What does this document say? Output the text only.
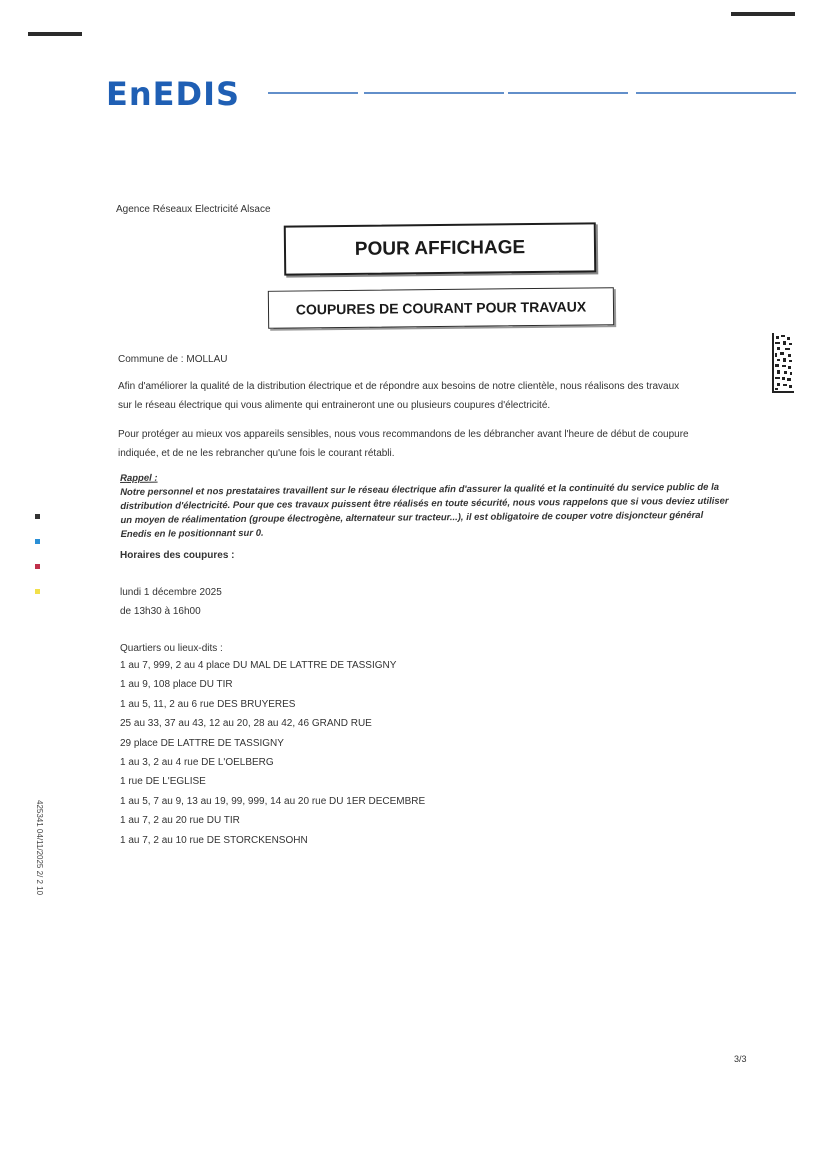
EnEDIS

Agence Réseaux Electricité Alsace
POUR AFFICHAGE
COUPURES DE COURANT POUR TRAVAUX
Commune de : MOLLAU
Afin d'améliorer la qualité de la distribution électrique et de répondre aux besoins de notre clientèle, nous réalisons des travaux
sur le réseau électrique qui vous alimente qui entraineront une ou plusieurs coupures d'électricité.
Pour protéger au mieux vos appareils sensibles, nous vous recommandons de les débrancher avant l'heure de début de coupure
indiquée, et de ne les rebrancher qu'une fois le courant rétabli.
Rappel :
Notre personnel et nos prestataires travaillent sur le réseau électrique afin d'assurer la qualité et la continuité du service public de la distribution d'électricité. Pour que ces travaux puissent être réalisés en toute sécurité, nous vous rappelons que si vous deviez utiliser un moyen de réalimentation (groupe électrogène, alternateur sur tracteur...), il est obligatoire de couper votre disjoncteur général Enedis en le positionnant sur 0.
Horaires des coupures :
lundi 1 décembre 2025
de 13h30 à 16h00
Quartiers ou lieux-dits :
1 au 7, 999, 2 au 4 place DU MAL DE LATTRE DE TASSIGNY
1 au 9, 108 place DU TIR
1 au 5, 11, 2 au 6 rue DES BRUYERES
25 au 33, 37 au 43, 12 au 20, 28 au 42, 46 GRAND RUE
29 place DE LATTRE DE TASSIGNY
1 au 3, 2 au 4 rue DE L'OELBERG
1 rue DE L'EGLISE
1 au 5, 7 au 9, 13 au 19, 99, 999, 14 au 20 rue DU 1ER DECEMBRE
1 au 7, 2 au 20 rue DU TIR
1 au 7, 2 au 10 rue DE STORCKENSOHN
425341 04/11/2025 2/ 2 10
3/3
